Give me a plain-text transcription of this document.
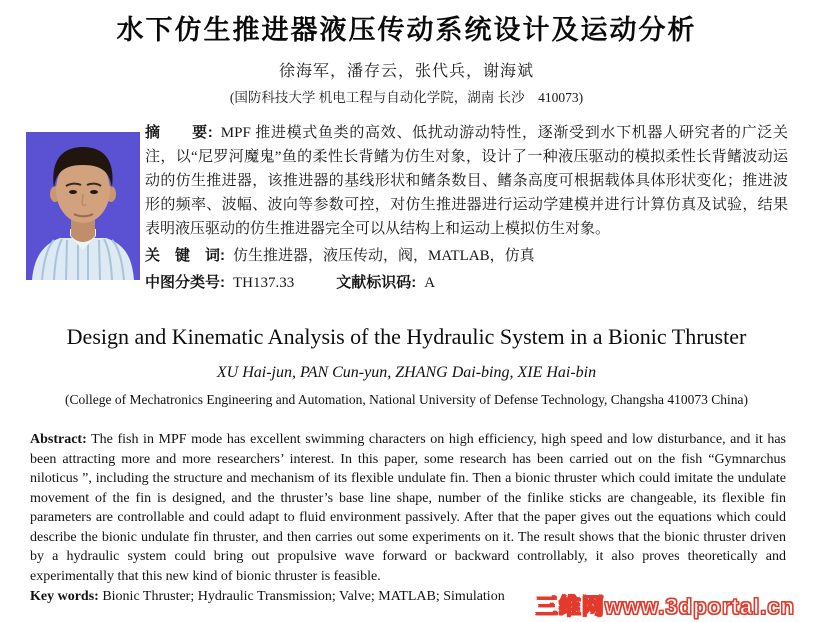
水下仿生推进器液压传动系统设计及运动分析
徐海军，潘存云，张代兵，谢海斌
(国防科技大学 机电工程与自动化学院，湖南 长沙　410073)

摘　　要: MPF 推进模式鱼类的高效、低扰动游动特性，逐渐受到水下机器人研究者的广泛关注，以“尼罗河魔鬼”鱼的柔性长背鳍为仿生对象，设计了一种液压驱动的模拟柔性长背鳍波动运动的仿生推进器，该推进器的基线形状和鳍条数目、鳍条高度可根据载体具体形状变化；推进波形的频率、波幅、波向等参数可控，对仿生推进器进行运动学建模并进行计算仿真及试验，结果表明液压驱动的仿生推进器完全可以从结构上和运动上模拟仿生对象。

关　键　词: 仿生推进器，液压传动，阀，MATLAB，仿真

中图分类号: TH137.33	文献标识码: A

Design and Kinematic Analysis of the Hydraulic System in a Bionic Thruster
XU Hai-jun, PAN Cun-yun, ZHANG Dai-bing, XIE Hai-bin
(College of Mechatronics Engineering and Automation, National University of Defense Technology, Changsha 410073 China)

Abstract: The fish in MPF mode has excellent swimming characters on high efficiency, high speed and low disturbance, and it has been attracting more and more researchers’ interest. In this paper, some research has been carried out on the fish “Gymnarchus niloticus ”, including the structure and mechanism of its flexible undulate fin. Then a bionic thruster which could imitate the undulate movement of the fin is designed, and the thruster’s base line shape, number of the finlike sticks are changeable, its flexible fin parameters are controllable and could adapt to fluid environment passively. After that the paper gives out the equations which could describe the bionic undulate fin thruster, and then carries out some experiments on it. The result shows that the bionic thruster driven by a hydraulic system could bring out propulsive wave forward or backward controllably, it also proves theoretically and experimentally that this new kind of bionic thruster is feasible.

Key words: Bionic Thruster; Hydraulic Transmission; Valve; MATLAB; Simulation	三维网www.3dportal.cn
